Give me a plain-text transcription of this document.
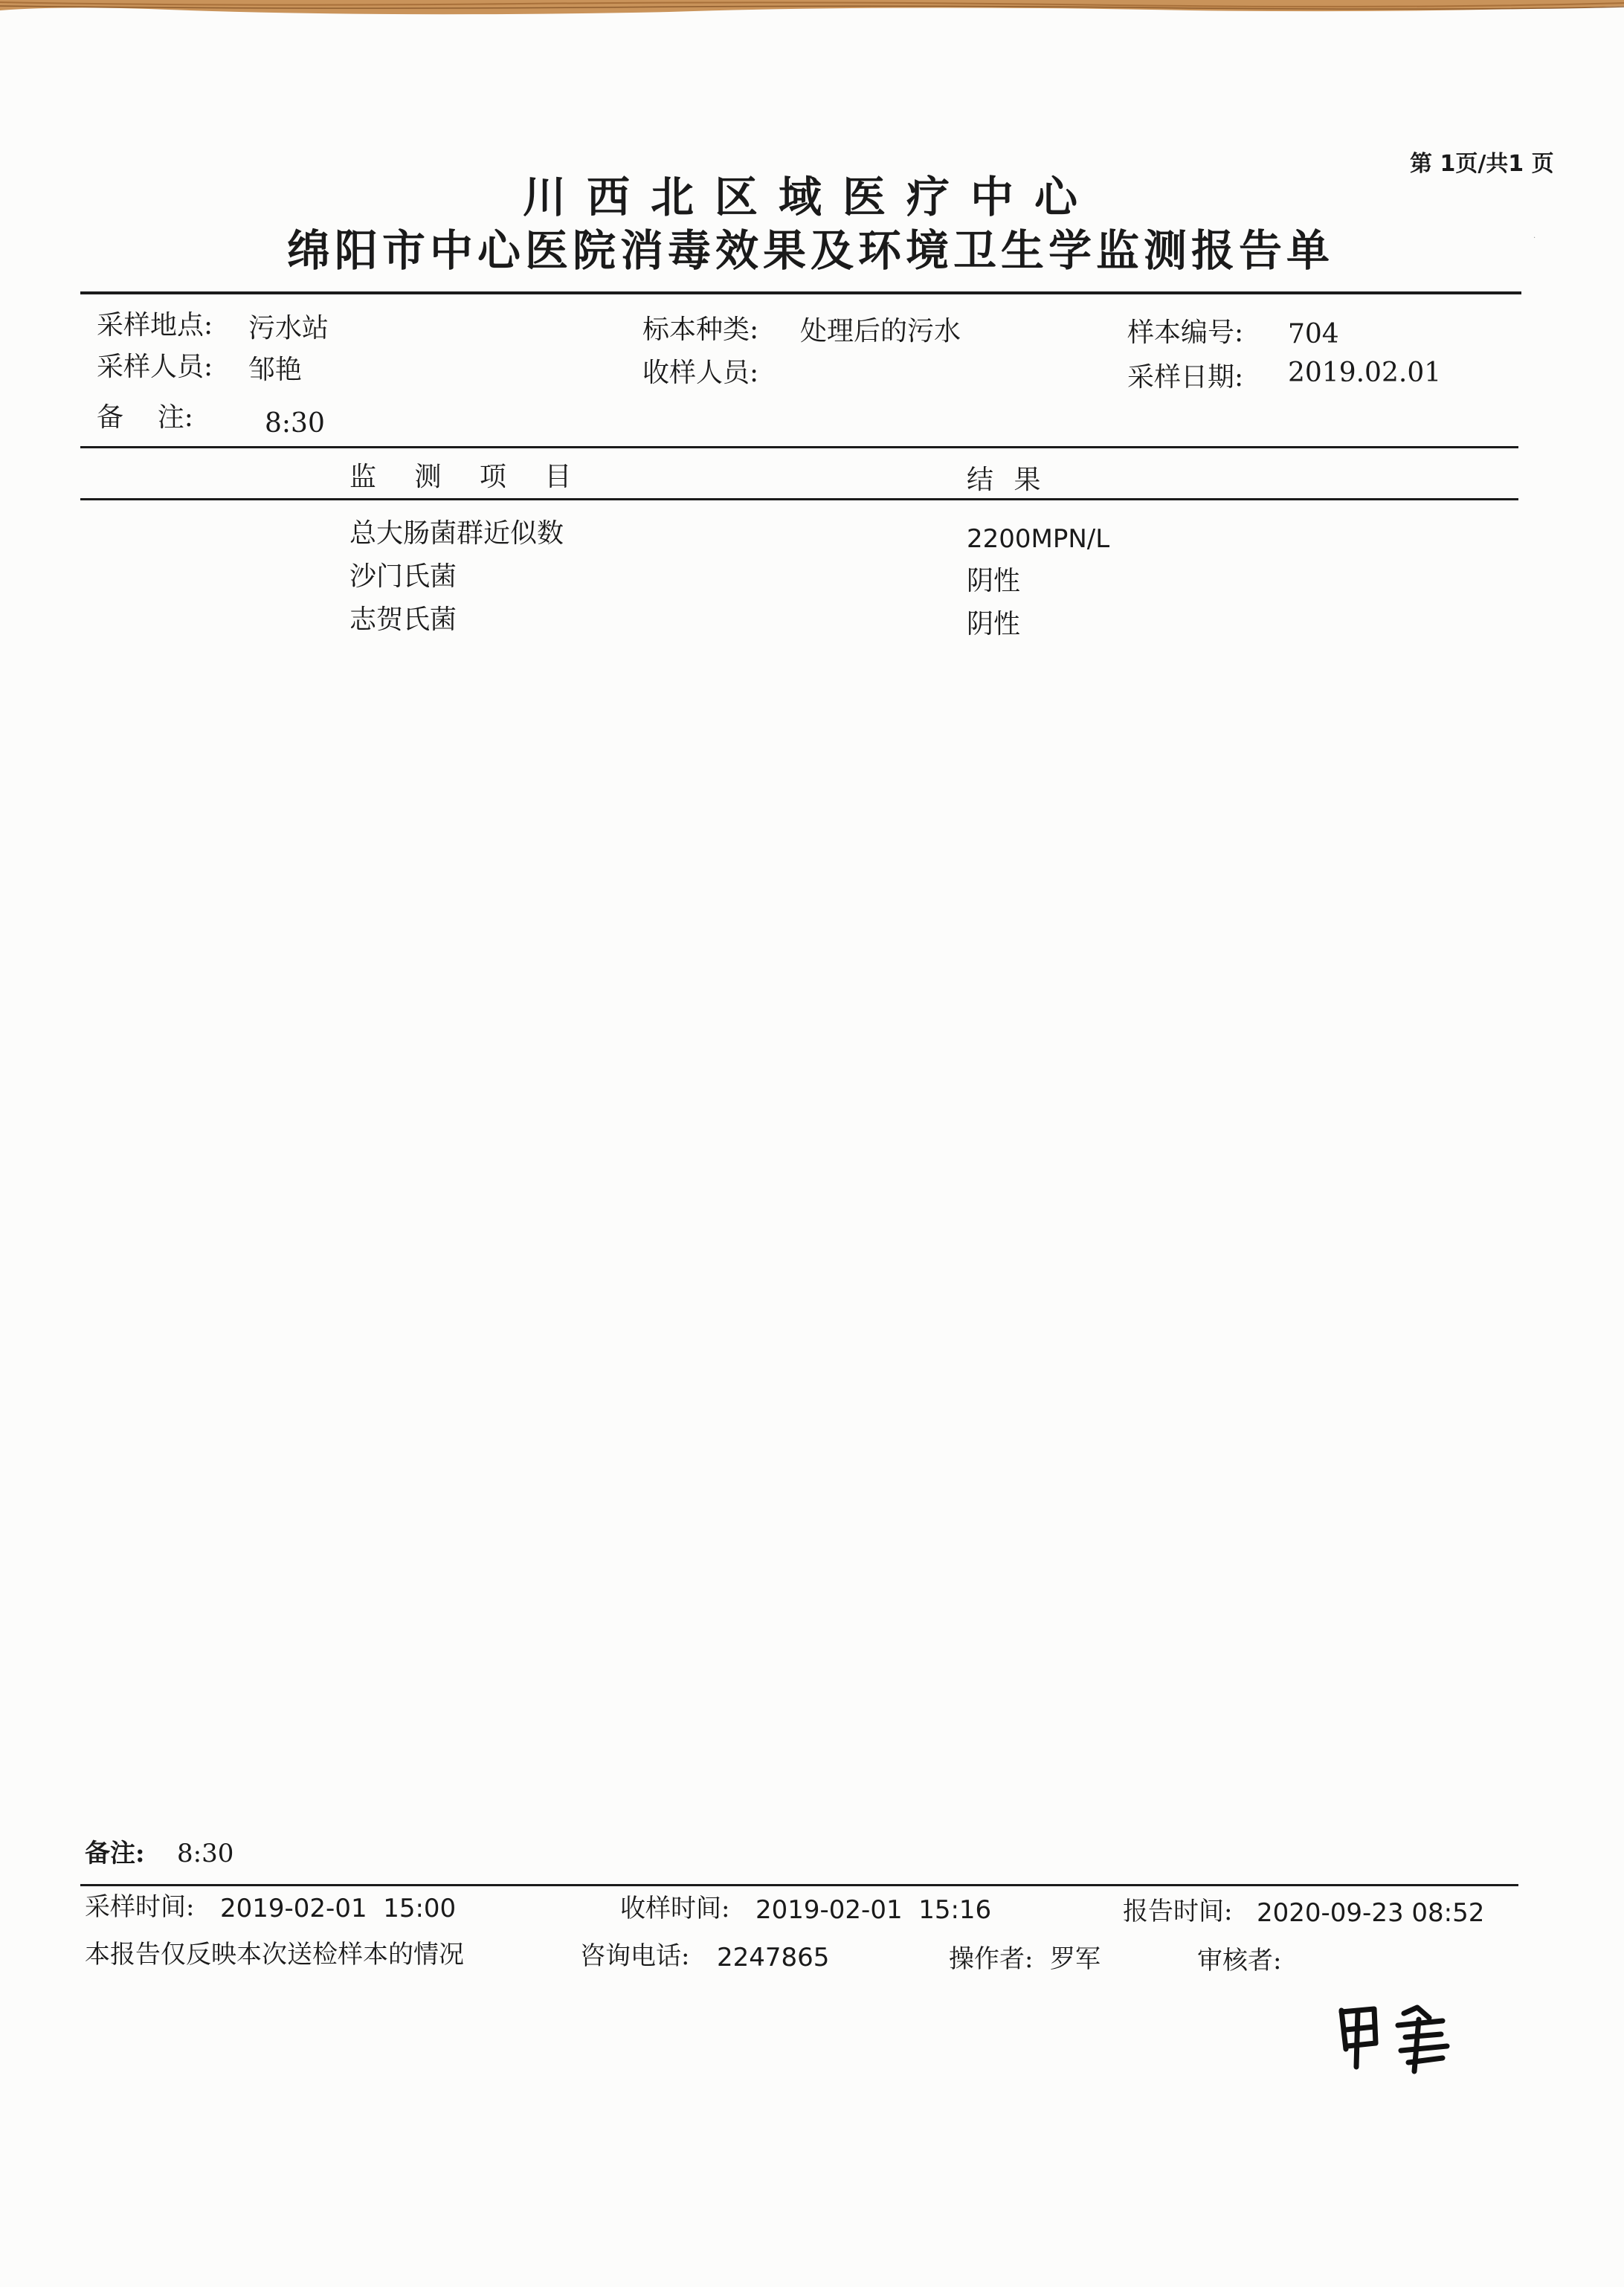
第 1页/共1 页
川西北区域医疗中心
绵阳市中心医院消毒效果及环境卫生学监测报告单
采样地点: 污水站	标本种类: 处理后的污水	样本编号: 704
采样人员: 邹艳	收样人员:	采样日期: 2019.02.01
备    注:	8:30
监 测 项 目	结 果
总大肠菌群近似数	2200MPN/L
沙门氏菌	阴性
志贺氏菌	阴性
备注: 8:30
采样时间: 2019-02-01  15:00	收样时间: 2019-02-01  15:16	报告时间: 2020-09-23 08:52
本报告仅反映本次送检样本的情况	咨询电话: 2247865	操作者: 罗军	审核者:
·
